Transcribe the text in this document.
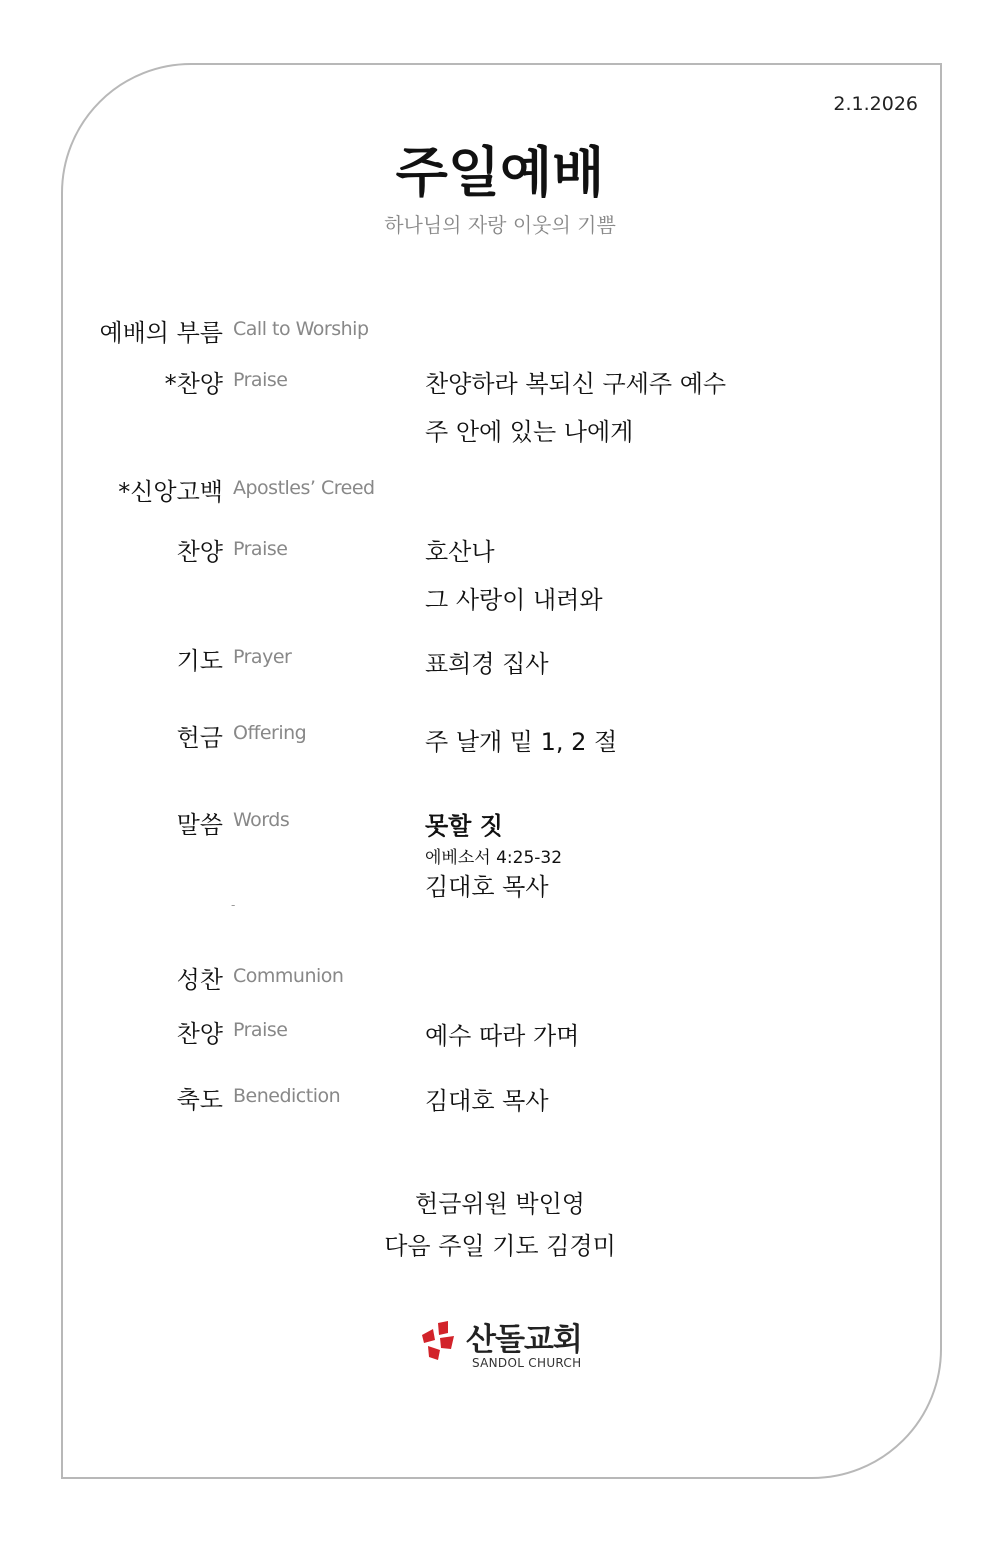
2.1.2026
주일예배
하나님의 자랑 이웃의 기쁨
예배의 부름 Call to Worship
*찬양 Praise	찬양하라 복되신 구세주 예수
주 안에 있는 나에게
*신앙고백 Apostles’ Creed
찬양 Praise	호산나
그 사랑이 내려와
기도 Prayer	표희경 집사
헌금 Offering	주 날개 밑 1, 2 절
말씀 Words	못할 짓
에베소서 4:25-32
김대호 목사
-
성찬 Communion
찬양 Praise	예수 따라 가며
축도 Benediction	김대호 목사
헌금위원 박인영
다음 주일 기도 김경미
산돌교회
SANDOL CHURCH
